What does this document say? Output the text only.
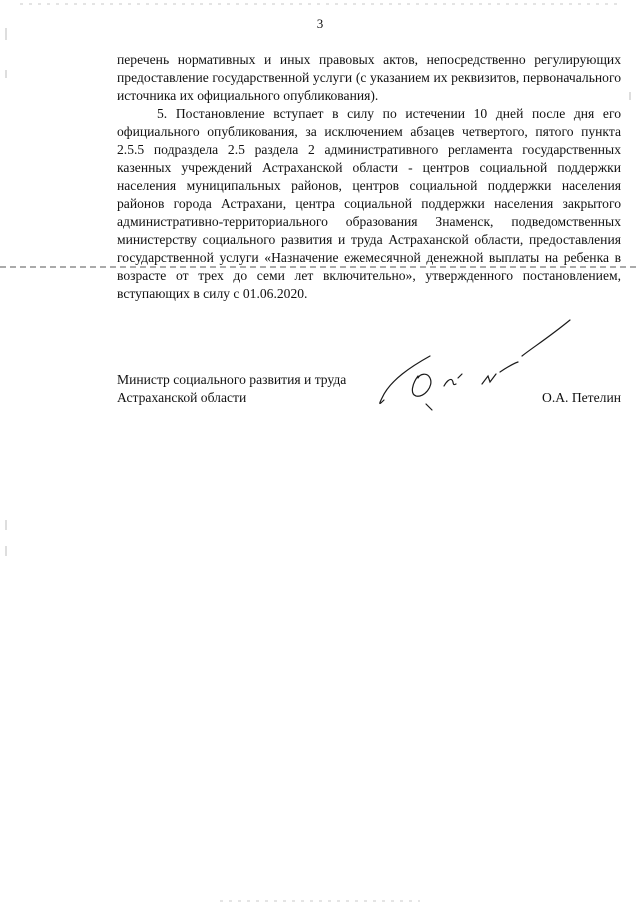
3

перечень нормативных и иных правовых актов, непосредственно регулирующих предоставление государственной услуги (с указанием их реквизитов, первоначального источника их официального опубликования).

5. Постановление вступает в силу по истечении 10 дней после дня его официального опубликования, за исключением абзацев четвертого, пятого пункта 2.5.5 подраздела 2.5 раздела 2 административного регламента государственных казенных учреждений Астраханской области - центров социальной поддержки населения муниципальных районов, центров социальной поддержки населения районов города Астрахани, центра социальной поддержки населения закрытого административно-территориального образования Знаменск, подведомственных министерству социального развития и труда Астраханской области, предоставления государственной услуги «Назначение ежемесячной денежной выплаты на ребенка в возрасте от трех до семи лет включительно», утвержденного постановлением, вступающих в силу с 01.06.2020.

Министр социального развития и труда
Астраханской области	О.А. Петелин
